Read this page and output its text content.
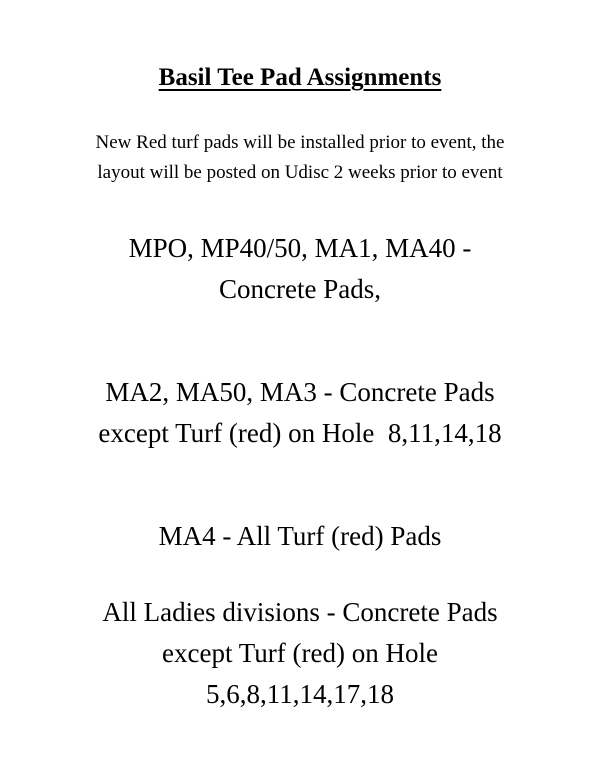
Basil Tee Pad Assignments
New Red turf pads will be installed prior to event, the
layout will be posted on Udisc 2 weeks prior to event
MPO, MP40/50, MA1, MA40 -
Concrete Pads,
MA2, MA50, MA3 - Concrete Pads
except Turf (red) on Hole  8,11,14,18
MA4 - All Turf (red) Pads
All Ladies divisions - Concrete Pads
except Turf (red) on Hole
5,6,8,11,14,17,18
